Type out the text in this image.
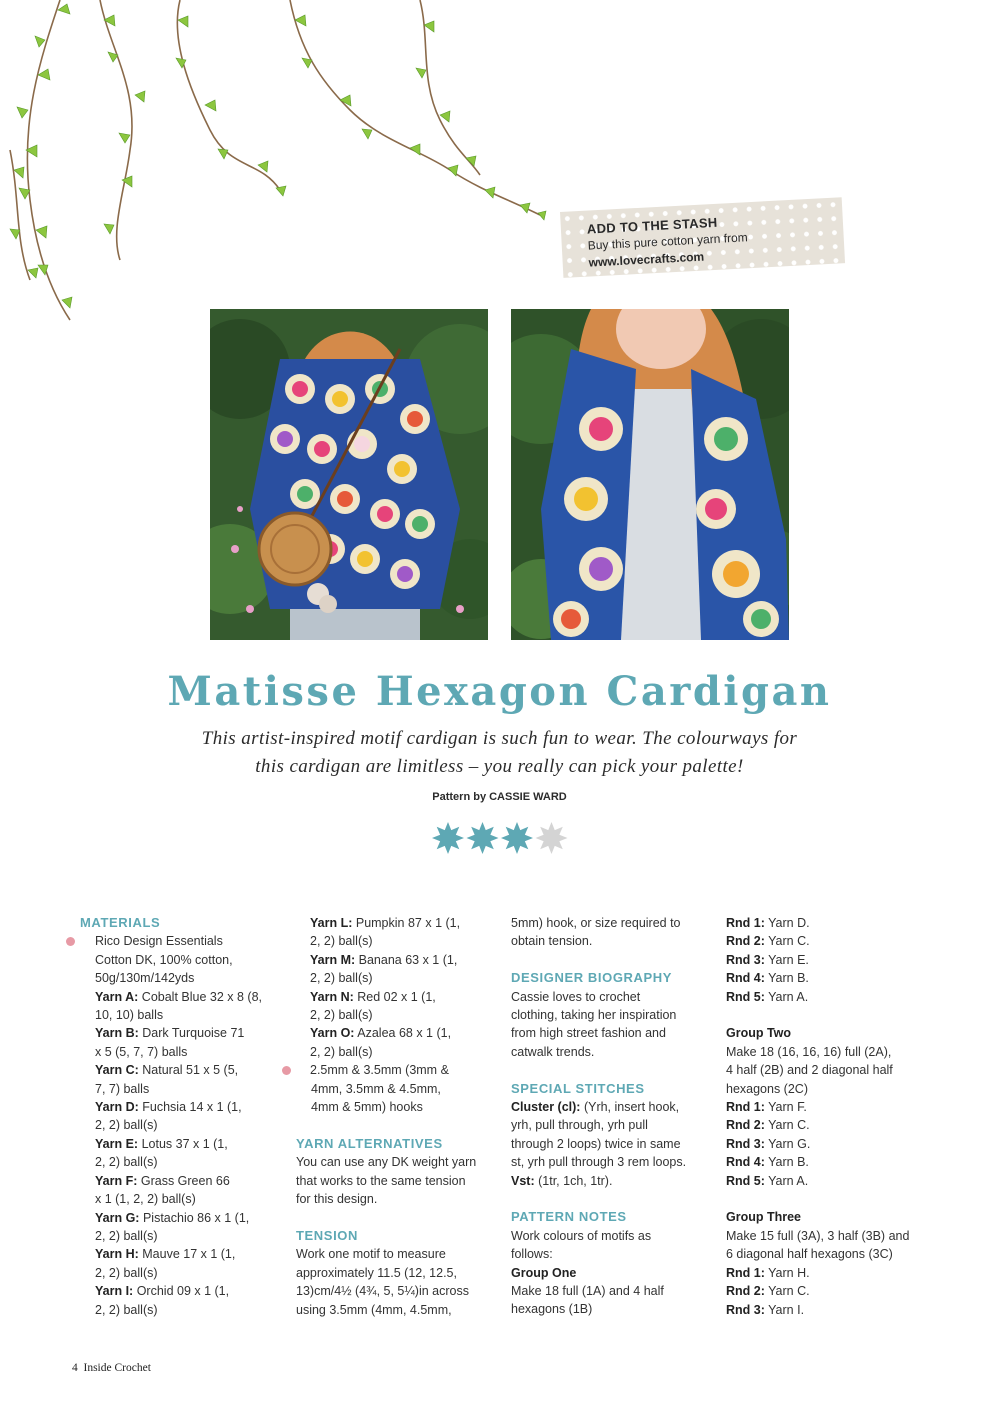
ADD TO THE STASH
Buy this pure cotton yarn from
www.lovecrafts.com
Matisse Hexagon Cardigan
This artist-inspired motif cardigan is such fun to wear. The colourways for
this cardigan are limitless – you really can pick your palette!
Pattern by CASSIE WARD

MATERIALS

Rico Design Essentials

Cotton DK, 100% cotton,

50g/130m/142yds

Yarn A: Cobalt Blue 32 x 8 (8,

10, 10) balls

Yarn B: Dark Turquoise 71

x 5 (5, 7, 7) balls

Yarn C: Natural 51 x 5 (5,

7, 7) balls

Yarn D: Fuchsia 14 x 1 (1,

2, 2) ball(s)

Yarn E: Lotus 37 x 1 (1,

2, 2) ball(s)

Yarn F: Grass Green 66

x 1 (1, 2, 2) ball(s)

Yarn G: Pistachio 86 x 1 (1,

2, 2) ball(s)

Yarn H: Mauve 17 x 1 (1,

2, 2) ball(s)

Yarn I: Orchid 09 x 1 (1,

2, 2) ball(s)

Yarn L: Pumpkin 87 x 1 (1,

2, 2) ball(s)

Yarn M: Banana 63 x 1 (1,

2, 2) ball(s)

Yarn N: Red 02 x 1 (1,

2, 2) ball(s)

Yarn O: Azalea 68 x 1 (1,

2, 2) ball(s)

2.5mm & 3.5mm (3mm &

4mm, 3.5mm & 4.5mm,

4mm & 5mm) hooks

YARN ALTERNATIVES

You can use any DK weight yarn

that works to the same tension

for this design.

TENSION

Work one motif to measure

approximately 11.5 (12, 12.5,

13)cm/4½ (4¾, 5, 5¼)in across

using 3.5mm (4mm, 4.5mm,

5mm) hook, or size required to

obtain tension.

DESIGNER BIOGRAPHY

Cassie loves to crochet

clothing, taking her inspiration

from high street fashion and

catwalk trends.

SPECIAL STITCHES

Cluster (cl): (Yrh, insert hook,

yrh, pull through, yrh pull

through 2 loops) twice in same

st, yrh pull through 3 rem loops.

Vst: (1tr, 1ch, 1tr).

PATTERN NOTES

Work colours of motifs as

follows:

Group One

Make 18 full (1A) and 4 half

hexagons (1B)

Rnd 1: Yarn D.

Rnd 2: Yarn C.

Rnd 3: Yarn E.

Rnd 4: Yarn B.

Rnd 5: Yarn A.

Group Two

Make 18 (16, 16, 16) full (2A),

4 half (2B) and 2 diagonal half

hexagons (2C)

Rnd 1: Yarn F.

Rnd 2: Yarn C.

Rnd 3: Yarn G.

Rnd 4: Yarn B.

Rnd 5: Yarn A.

Group Three

Make 15 full (3A), 3 half (3B) and

6 diagonal half hexagons (3C)

Rnd 1: Yarn H.

Rnd 2: Yarn C.

Rnd 3: Yarn I.

4 Inside Crochet
